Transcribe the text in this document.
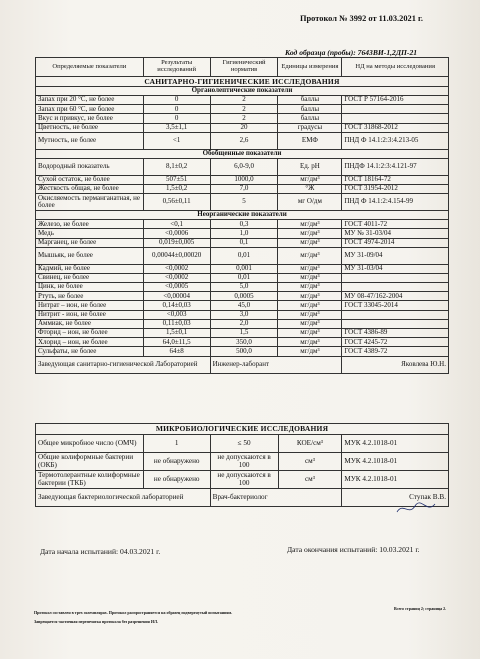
Протокол № 3992 от 11.03.2021 г.
Код образца (пробы): 7643ВИ-1,2ДП-21
Определяемые показатели	Результаты исследований	Гигиенический норматив	Единицы измерения	НД на методы исследования
САНИТАРНО-ГИГИЕНИЧЕСКИЕ ИССЛЕДОВАНИЯ				
Органолептические показатели				
Запах при 20 °С, не более	0	2	баллы	ГОСТ Р 57164-2016
Запах при 60 °С, не более	0	2	баллы	
Вкус и привкус, не более	0	2	баллы	
Цветность, не более	3,5±1,1	20	градусы	ГОСТ 31868-2012
Мутность, не более	<1	2,6	ЕМФ	ПНД Ф 14.1:2:3:4.213-05
Обобщенные показатели				
Водородный показатель	8,1±0,2	6,0-9,0	Ед. pH	ПНДФ 14.1:2:3:4.121-97
Сухой остаток, не более	507±51	1000,0	мг/дм³	ГОСТ 18164-72
Жесткость общая, не более	1,5±0,2	7,0	°Ж	ГОСТ 31954-2012
Окисляемость перманганатная, не более	0,56±0,11	5	мг О/дм	ПНД Ф 14.1:2:4.154-99
Неорганические показатели				
Железо, не более	<0,1	0,3	мг/дм³	ГОСТ 4011-72
Медь	<0,0006	1,0	мг/дм³	МУ № 31-03/04
Марганец, не более	0,019±0,005	0,1	мг/дм³	ГОСТ 4974-2014
Мышьяк, не более	0,00044±0,00020	0,01	мг/дм³	МУ 31-09/04
Кадмий, не более	<0,0002	0,001	мг/дм³	МУ 31-03/04
Свинец, не более	<0,0002	0,01	мг/дм³	
Цинк, не более	<0,0005	5,0	мг/дм³	
Ртуть, не более	<0,00004	0,0005	мг/дм³	МУ 08-47/162-2004
Нитрат – ион, не более	0,14±0,03	45,0	мг/дм³	ГОСТ 33045-2014
Нитрит - ион, не более	<0,003	3,0	мг/дм³	
Аммиак, не более	0,11±0,03	2,0	мг/дм³	
Фторид – ион, не более	1,5±0,1	1,5	мг/дм³	ГОСТ 4386-89
Хлорид – ион, не более	64,0±11,5	350,0	мг/дм³	ГОСТ 4245-72
Сульфаты, не более	64±8	500,0	мг/дм³	ГОСТ 4389-72
Заведующая санитарно-гигиенической Лабораторией		Инженер-лаборант		Яковлева Ю.Н.
МИКРОБИОЛОГИЧЕСКИЕ ИССЛЕДОВАНИЯ				
Общее микробное число (ОМЧ)	1	≤ 50	КОЕ/см³	МУК 4.2.1018-01
Общие колиформные бактерии (ОКБ)	не обнаружено	не допускаются в 100	см³	МУК 4.2.1018-01
Термотолерантные колиформные бактерии (ТКБ)	не обнаружено	не допускаются в 100	см³	МУК 4.2.1018-01
Заведующая бактериологической лабораторией		Врач-бактериолог		Ступак В.В.
Дата начала испытаний: 04.03.2021 г.	Дата окончания испытаний: 10.03.2021 г.
Протокол составлен в трех экземплярах. Протокол распространяется на образец подвергнутый испытаниям.
Запрещается частичная перепечатка протокола без разрешения ИЛ.
Всего страниц 2; страница 2.
